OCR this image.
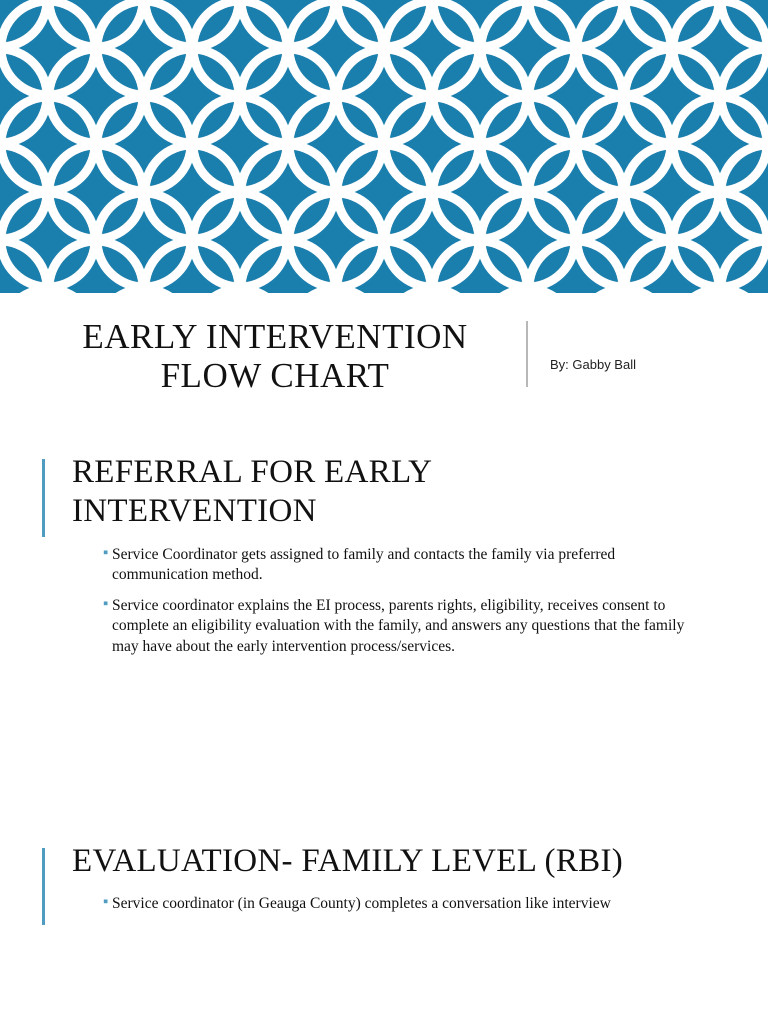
EARLY INTERVENTION FLOW CHART	By: Gabby Ball
REFERRAL FOR EARLY INTERVENTION
▪ Service Coordinator gets assigned to family and contacts the family via preferred communication method.
▪ Service coordinator explains the EI process, parents rights, eligibility, receives consent to complete an eligibility evaluation with the family, and answers any questions that the family may have about the early intervention process/services.
EVALUATION- FAMILY LEVEL (RBI)
▪ Service coordinator (in Geauga County) completes a conversation like interview
